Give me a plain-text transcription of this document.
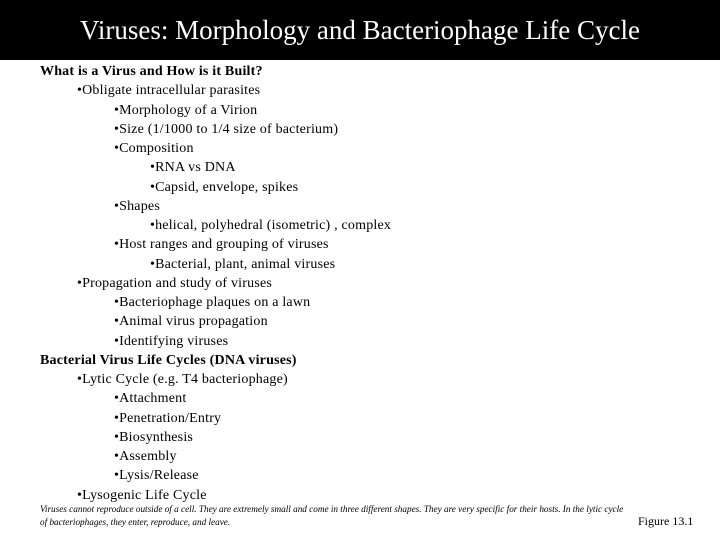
Viruses: Morphology and Bacteriophage Life Cycle
What is a Virus and How is it Built?
•Obligate intracellular parasites
•Morphology of a Virion
•Size (1/1000 to 1/4 size of bacterium)
•Composition
•RNA vs DNA
•Capsid, envelope, spikes
•Shapes
•helical, polyhedral (isometric) , complex
•Host ranges and grouping of viruses
•Bacterial, plant, animal viruses
•Propagation and study of viruses
•Bacteriophage plaques on a lawn
•Animal virus propagation
•Identifying viruses
Bacterial Virus Life Cycles (DNA viruses)
•Lytic Cycle (e.g. T4 bacteriophage)
•Attachment
•Penetration/Entry
•Biosynthesis
•Assembly
•Lysis/Release
•Lysogenic Life Cycle
Viruses cannot reproduce outside of a cell. They are extremely small and come in three different shapes. They are very specific for their hosts. In the lytic cycle of bacteriophages, they enter, reproduce, and leave.	Figure 13.1
